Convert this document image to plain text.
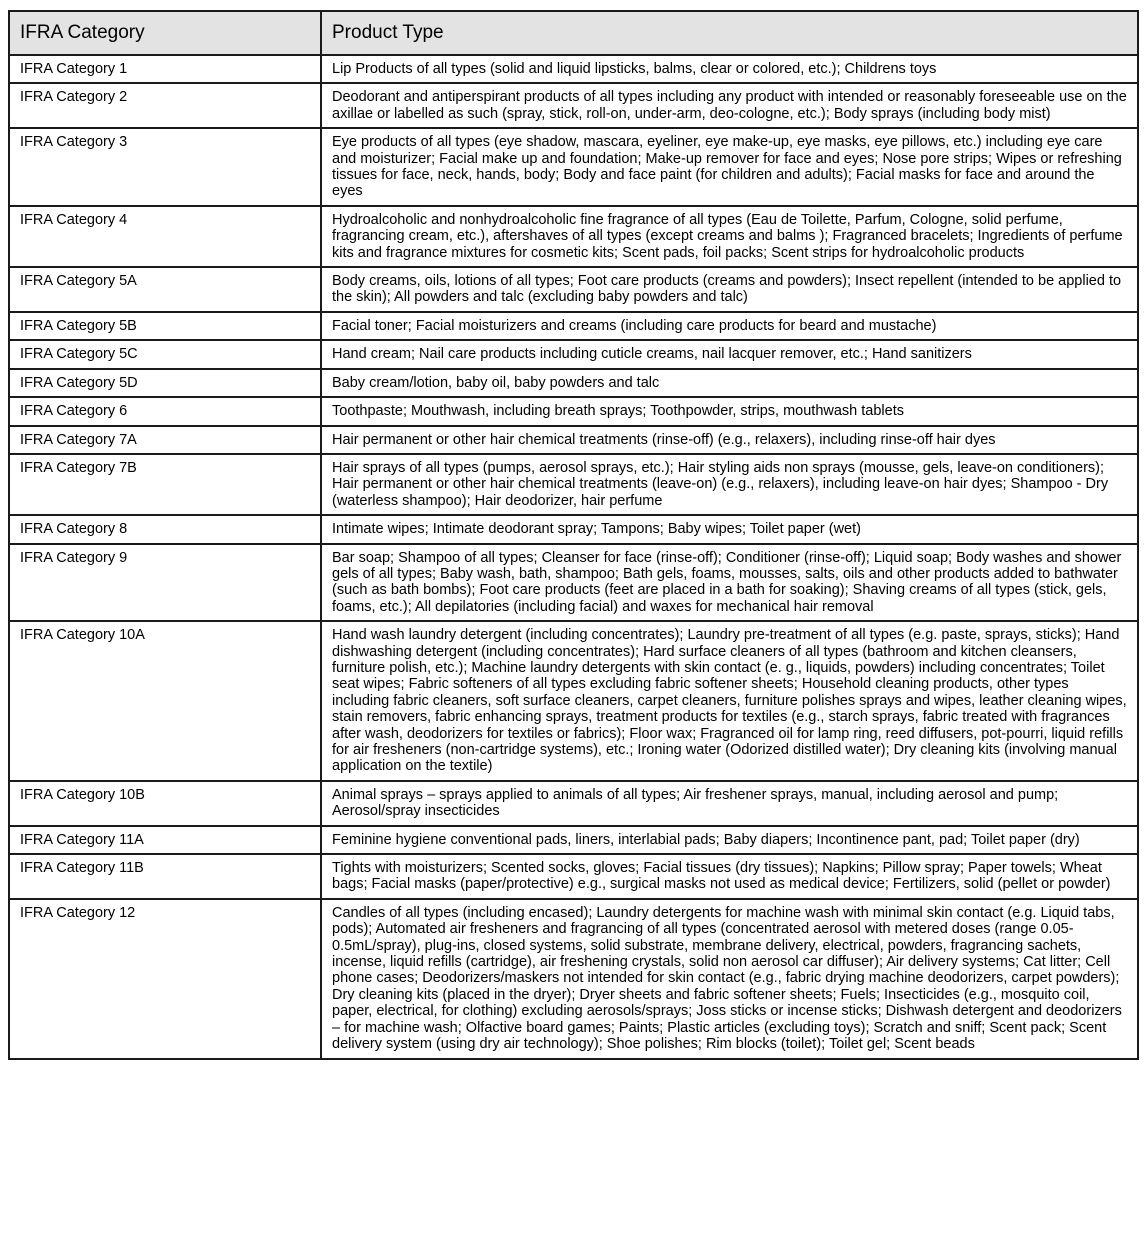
IFRA Category	Product Type
IFRA Category 1	Lip Products of all types (solid and liquid lipsticks, balms, clear or colored, etc.); Childrens toys
IFRA Category 2	Deodorant and antiperspirant products of all types including any product with intended or reasonably foreseeable use on the axillae or labelled as such (spray, stick, roll-on, under-arm, deo-cologne, etc.); Body sprays (including body mist)
IFRA Category 3	Eye products of all types (eye shadow, mascara, eyeliner, eye make-up, eye masks, eye pillows, etc.) including eye care and moisturizer; Facial make up and foundation; Make-up remover for face and eyes; Nose pore strips; Wipes or refreshing tissues for face, neck, hands, body; Body and face paint (for children and adults); Facial masks for face and around the eyes
IFRA Category 4	Hydroalcoholic and nonhydroalcoholic fine fragrance of all types (Eau de Toilette, Parfum, Cologne, solid perfume, fragrancing cream, etc.), aftershaves of all types (except creams and balms ); Fragranced bracelets; Ingredients of perfume kits and fragrance mixtures for cosmetic kits; Scent pads, foil packs; Scent strips for hydroalcoholic products
IFRA Category 5A	Body creams, oils, lotions of all types; Foot care products (creams and powders); Insect repellent (intended to be applied to the skin); All powders and talc (excluding baby powders and talc)
IFRA Category 5B	Facial toner; Facial moisturizers and creams (including care products for beard and mustache)
IFRA Category 5C	Hand cream; Nail care products including cuticle creams, nail lacquer remover, etc.; Hand sanitizers
IFRA Category 5D	Baby cream/lotion, baby oil, baby powders and talc
IFRA Category 6	Toothpaste; Mouthwash, including breath sprays; Toothpowder, strips, mouthwash tablets
IFRA Category 7A	Hair permanent or other hair chemical treatments (rinse-off) (e.g., relaxers), including rinse-off hair dyes
IFRA Category 7B	Hair sprays of all types (pumps, aerosol sprays, etc.); Hair styling aids non sprays (mousse, gels, leave-on conditioners); Hair permanent or other hair chemical treatments (leave-on) (e.g., relaxers), including leave-on hair dyes; Shampoo - Dry (waterless shampoo); Hair deodorizer, hair perfume
IFRA Category 8	Intimate wipes; Intimate deodorant spray; Tampons; Baby wipes; Toilet paper (wet)
IFRA Category 9	Bar soap; Shampoo of all types; Cleanser for face (rinse-off); Conditioner (rinse-off); Liquid soap; Body washes and shower gels of all types; Baby wash, bath, shampoo; Bath gels, foams, mousses, salts, oils and other products added to bathwater (such as bath bombs); Foot care products (feet are placed in a bath for soaking); Shaving creams of all types (stick, gels, foams, etc.); All depilatories (including facial) and waxes for mechanical hair removal
IFRA Category 10A	Hand wash laundry detergent (including concentrates); Laundry pre-treatment of all types (e.g. paste, sprays, sticks); Hand dishwashing detergent (including concentrates); Hard surface cleaners of all types (bathroom and kitchen cleansers, furniture polish, etc.); Machine laundry detergents with skin contact (e. g., liquids, powders) including concentrates; Toilet seat wipes; Fabric softeners of all types excluding fabric softener sheets; Household cleaning products, other types including fabric cleaners, soft surface cleaners, carpet cleaners, furniture polishes sprays and wipes, leather cleaning wipes, stain removers, fabric enhancing sprays, treatment products for textiles (e.g., starch sprays, fabric treated with fragrances after wash, deodorizers for textiles or fabrics); Floor wax; Fragranced oil for lamp ring, reed diffusers, pot-pourri, liquid refills for air fresheners (non-cartridge systems), etc.; Ironing water (Odorized distilled water); Dry cleaning kits (involving manual application on the textile)
IFRA Category 10B	Animal sprays – sprays applied to animals of all types; Air freshener sprays, manual, including aerosol and pump; Aerosol/spray insecticides
IFRA Category 11A	Feminine hygiene conventional pads, liners, interlabial pads; Baby diapers; Incontinence pant, pad; Toilet paper (dry)
IFRA Category 11B	Tights with moisturizers; Scented socks, gloves; Facial tissues (dry tissues); Napkins; Pillow spray; Paper towels; Wheat bags; Facial masks (paper/protective) e.g., surgical masks not used as medical device; Fertilizers, solid (pellet or powder)
IFRA Category 12	Candles of all types (including encased); Laundry detergents for machine wash with minimal skin contact (e.g. Liquid tabs, pods); Automated air fresheners and fragrancing of all types (concentrated aerosol with metered doses (range 0.05-0.5mL/spray), plug-ins, closed systems, solid substrate, membrane delivery, electrical, powders, fragrancing sachets, incense, liquid refills (cartridge), air freshening crystals, solid non aerosol car diffuser); Air delivery systems; Cat litter; Cell phone cases; Deodorizers/maskers not intended for skin contact (e.g., fabric drying machine deodorizers, carpet powders); Dry cleaning kits (placed in the dryer); Dryer sheets and fabric softener sheets; Fuels; Insecticides (e.g., mosquito coil, paper, electrical, for clothing) excluding aerosols/sprays; Joss sticks or incense sticks; Dishwash detergent and deodorizers – for machine wash; Olfactive board games; Paints; Plastic articles (excluding toys); Scratch and sniff; Scent pack; Scent delivery system (using dry air technology); Shoe polishes; Rim blocks (toilet); Toilet gel; Scent beads
